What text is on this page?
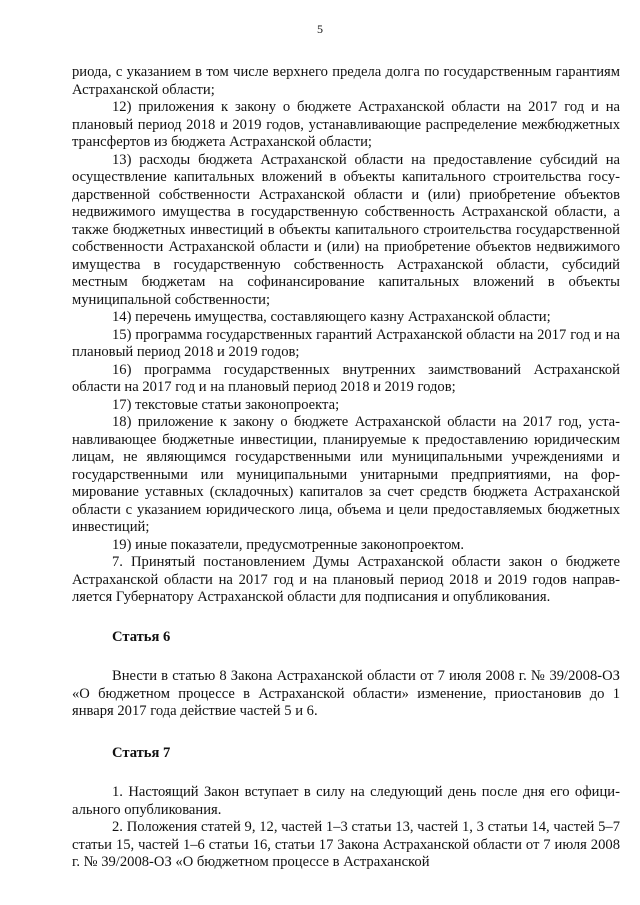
5

риода, с указанием в том числе верхнего предела долга по государственным гарантиям Астраханской области;

12) приложения к закону о бюджете Астраханской области на 2017 год и на плановый период 2018 и 2019 годов, устанавливающие распределение межбюджетных трансфертов из бюджета Астраханской области;

13) расходы бюджета Астраханской области на предоставление субсидий на осуществление капитальных вложений в объекты капитального строительства государственной собственности Астраханской области и (или) приобретение объектов недвижимого имущества в государственную собственность Астраханской области, а также бюджетных инвестиций в объекты капитального строительства государственной собственности Астраханской области и (или) на приобретение объектов недвижимого имущества в государственную собственность Астраханской области, субсидий местным бюджетам на софинансирование капитальных вложений в объекты муниципальной собственности;

14) перечень имущества, составляющего казну Астраханской области;

15) программа государственных гарантий Астраханской области на 2017 год и на плановый период 2018 и 2019 годов;

16) программа государственных внутренних заимствований Астраханской области на 2017 год и на плановый период 2018 и 2019 годов;

17) текстовые статьи законопроекта;

18) приложение к закону о бюджете Астраханской области на 2017 год, устанавливающее бюджетные инвестиции, планируемые к предоставлению юридическим лицам, не являющимся государственными или муниципальными учреждениями и государственными или муниципальными унитарными предприятиями, на формирование уставных (складочных) капиталов за счет средств бюджета Астраханской области с указанием юридического лица, объема и цели предоставляемых бюджетных инвестиций;

19) иные показатели, предусмотренные законопроектом.

7. Принятый постановлением Думы Астраханской области закон о бюджете Астраханской области на 2017 год и на плановый период 2018 и 2019 годов направляется Губернатору Астраханской области для подписания и опубликования.

Статья 6

Внести в статью 8 Закона Астраханской области от 7 июля 2008 г. № 39/2008-ОЗ «О бюджетном процессе в Астраханской области» изменение, приостановив до 1 января 2017 года действие частей 5 и 6.

Статья 7

1. Настоящий Закон вступает в силу на следующий день после дня его официального опубликования.

2. Положения статей 9, 12, частей 1–3 статьи 13, частей 1, 3 статьи 14, частей 5–7 статьи 15, частей 1–6 статьи 16, статьи 17 Закона Астраханской области от 7 июля 2008 г. № 39/2008-ОЗ «О бюджетном процессе в Астраханской
